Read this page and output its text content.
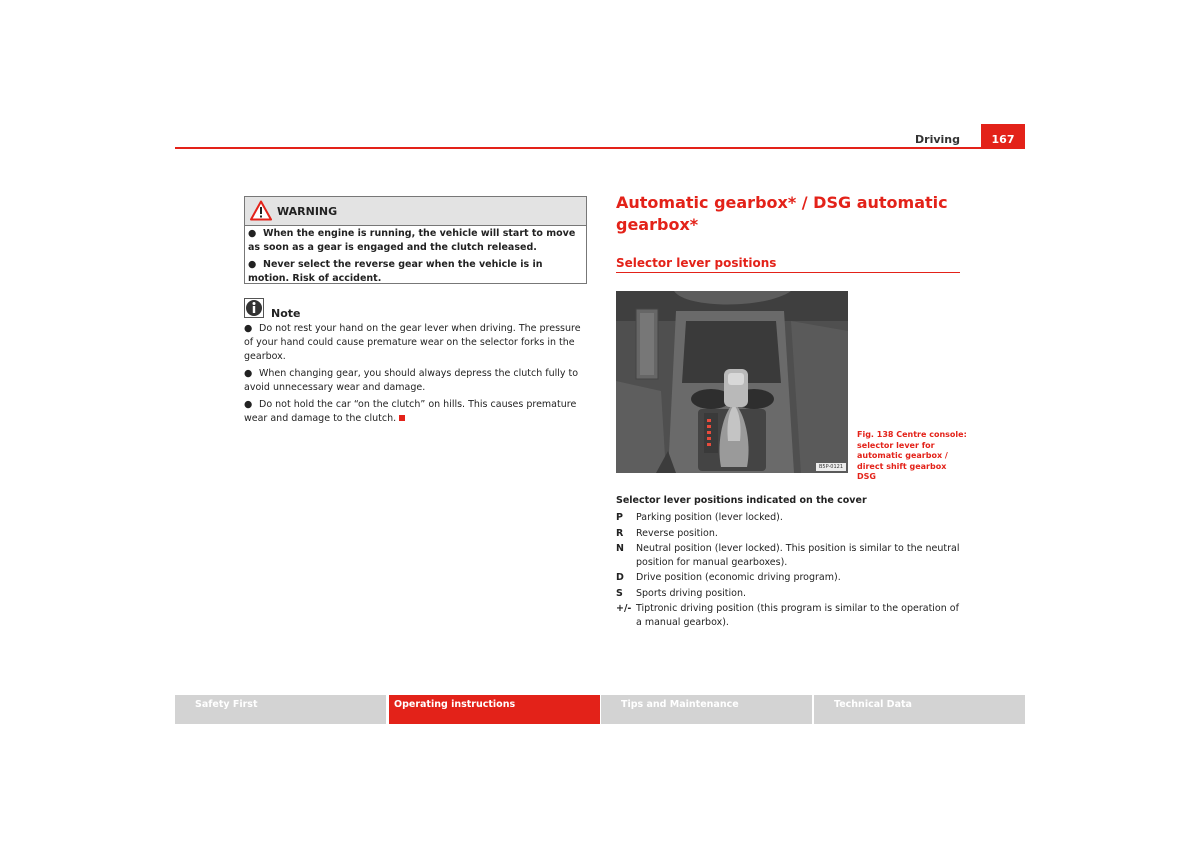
Driving	167
WARNING

● When the engine is running, the vehicle will start to move as soon as a gear is engaged and the clutch released.

● Never select the reverse gear when the vehicle is in motion. Risk of accident.

Note

● Do not rest your hand on the gear lever when driving. The pressure of your hand could cause premature wear on the selector forks in the gearbox.

● When changing gear, you should always depress the clutch fully to avoid unnecessary wear and damage.

● Do not hold the car “on the clutch” on hills. This causes premature wear and damage to the clutch.

Automatic gearbox* / DSG automatic gearbox*
Selector lever positions
B5P-0121
Fig. 138 Centre console: selector lever for automatic gearbox / direct shift gearbox DSG
Selector lever positions indicated on the cover
P	Parking position (lever locked).
R	Reverse position.
N	Neutral position (lever locked). This position is similar to the neutral position for manual gearboxes).
D	Drive position (economic driving program).
S	Sports driving position.
+/- Tiptronic driving position (this program is similar to the operation of a manual gearbox).
Safety First	Operating instructions	Tips and Maintenance	Technical Data
